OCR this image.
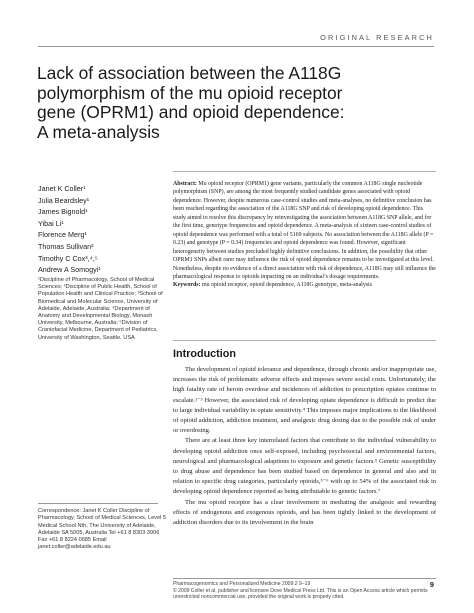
ORIGINAL RESEARCH
Lack of association between the A118G
polymorphism of the mu opioid receptor
gene (OPRM1) and opioid dependence:
A meta-analysis
Janet K Coller¹
Julia Beardsley¹
James Bignold¹
Yibai Li¹
Florence Merg¹
Thomas Sullivan²
Timothy C Cox³,⁴,⁵
Andrew A Somogyi¹
¹Discipline of Pharmacology, School of Medical Sciences; ²Discipline of Public Health, School of Population Health and Clinical Practice; ³School of Biomedical and Molecular Science, University of Adelaide, Adelaide, Australia; ⁴Department of Anatomy and Developmental Biology, Monash University, Melbourne, Australia; ⁵Division of Craniofacial Medicine, Department of Pediatrics, University of Washington, Seattle, USA

Abstract: Mu opioid receptor (OPRM1) gene variants, particularly the common A118G single nucleotide polymorphism (SNP), are among the most frequently studied candidate genes associated with opioid dependence. However, despite numerous case-control studies and meta-analyses, no definitive conclusion has been reached regarding the association of the A118G SNP and risk of developing opioid dependence. This study aimed to resolve this discrepancy by reinvestigating the association between A118G SNP allele, and for the first time, genotype frequencies and opioid dependence. A meta-analysis of sixteen case-control studies of opioid dependence was performed with a total of 5169 subjects. No association between the A118G allele (P = 0.23) and genotype (P = 0.34) frequencies and opioid dependence was found. However, significant heterogeneity between studies precluded highly definitive conclusions. In addition, the possibility that other OPRM1 SNPs albeit rarer may influence the risk of opioid dependence remains to be investigated at this level. Nonetheless, despite no evidence of a direct association with risk of dependence, A118G may still influence the pharmacological response to opioids impacting on an individual’s dosage requirements.

Keywords: mu opioid receptor, opioid dependence, A118G genotype, meta-analysis

Introduction

The development of opioid tolerance and dependence, through chronic and/or inappropriate use, increases the risk of problematic adverse effects and imposes severe social costs. Unfortunately, the high fatality rate of heroin overdose and incidences of addiction to prescription opiates continue to escalate.¹⁻³ However, the associated risk of developing opiate dependence is difficult to predict due to large individual variability in opiate sensitivity.⁴ This imposes major implications to the likelihood of opioid addiction, addiction treatment, and analgesic drug dosing due to the possible risk of under or overdosing.

There are at least three key interrelated factors that contribute to the individual vulnerability to developing opioid addiction once self-exposed, including psychosocial and environmental factors, neurological and pharmacological adaptions to exposure and genetic factors.⁵ Genetic susceptibility to drug abuse and dependence has been studied based on dependence in general and also and in relation to specific drug categories, particularly opioids,⁵⁻⁶ with up to 54% of the associated risk in developing opioid dependence reported as being attributable to genetic factors.⁷

The mu opioid receptor has a clear involvement in mediating the analgesic and rewarding effects of endogenous and exogenous opioids, and has been tightly linked to the development of addiction disorders due to its involvement in the brain

Correspondence: Janet K Coller Discipline of Pharmacology, School of Medical Sciences, Level 5 Medical School Nth, The University of Adelaide, Adelaide SA 5005, Australia Tel +61 8 8303 3906 Fax +61 8 8224 0685 Email janet.coller@adelaide.edu.au
Pharmacogenomics and Personalized Medicine 2009:2 9–19
© 2009 Coller et al, publisher and licensee Dove Medical Press Ltd. This is an Open Access article which permits unrestricted noncommercial use, provided the original work is properly cited.
9
